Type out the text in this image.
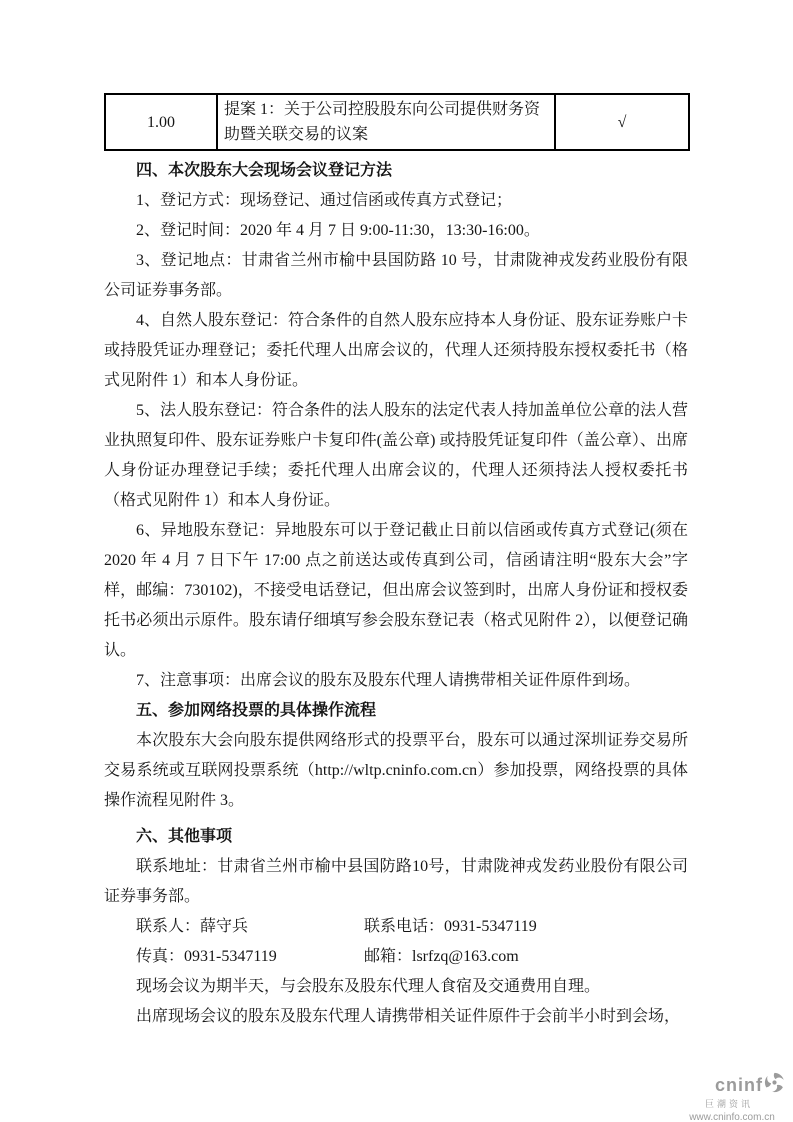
1.00	提案 1：关于公司控股股东向公司提供财务资助暨关联交易的议案	√
四、本次股东大会现场会议登记方法
1、登记方式：现场登记、通过信函或传真方式登记；
2、登记时间：2020 年 4 月 7 日 9:00-11:30，13:30-16:00。
3、登记地点：甘肃省兰州市榆中县国防路 10 号，甘肃陇神戎发药业股份有限公司证券事务部。
4、自然人股东登记：符合条件的自然人股东应持本人身份证、股东证券账户卡或持股凭证办理登记；委托代理人出席会议的，代理人还须持股东授权委托书（格式见附件 1）和本人身份证。
5、法人股东登记：符合条件的法人股东的法定代表人持加盖单位公章的法人营业执照复印件、股东证券账户卡复印件(盖公章) 或持股凭证复印件（盖公章）、出席人身份证办理登记手续；委托代理人出席会议的，代理人还须持法人授权委托书（格式见附件 1）和本人身份证。
6、异地股东登记：异地股东可以于登记截止日前以信函或传真方式登记(须在 2020 年 4 月 7 日下午 17:00 点之前送达或传真到公司，信函请注明“股东大会”字样，邮编：730102)，不接受电话登记，但出席会议签到时，出席人身份证和授权委托书必须出示原件。股东请仔细填写参会股东登记表（格式见附件 2），以便登记确认。
7、注意事项：出席会议的股东及股东代理人请携带相关证件原件到场。
五、参加网络投票的具体操作流程
本次股东大会向股东提供网络形式的投票平台，股东可以通过深圳证券交易所交易系统或互联网投票系统（http://wltp.cninfo.com.cn）参加投票，网络投票的具体操作流程见附件 3。
六、其他事项
联系地址：甘肃省兰州市榆中县国防路10号，甘肃陇神戎发药业股份有限公司证券事务部。
联系人：薛守兵	联系电话：0931-5347119
传真：0931-5347119	邮箱：lsrfzq@163.com
现场会议为期半天，与会股东及股东代理人食宿及交通费用自理。
出席现场会议的股东及股东代理人请携带相关证件原件于会前半小时到会场，
cninf
巨潮资讯
www.cninfo.com.cn
